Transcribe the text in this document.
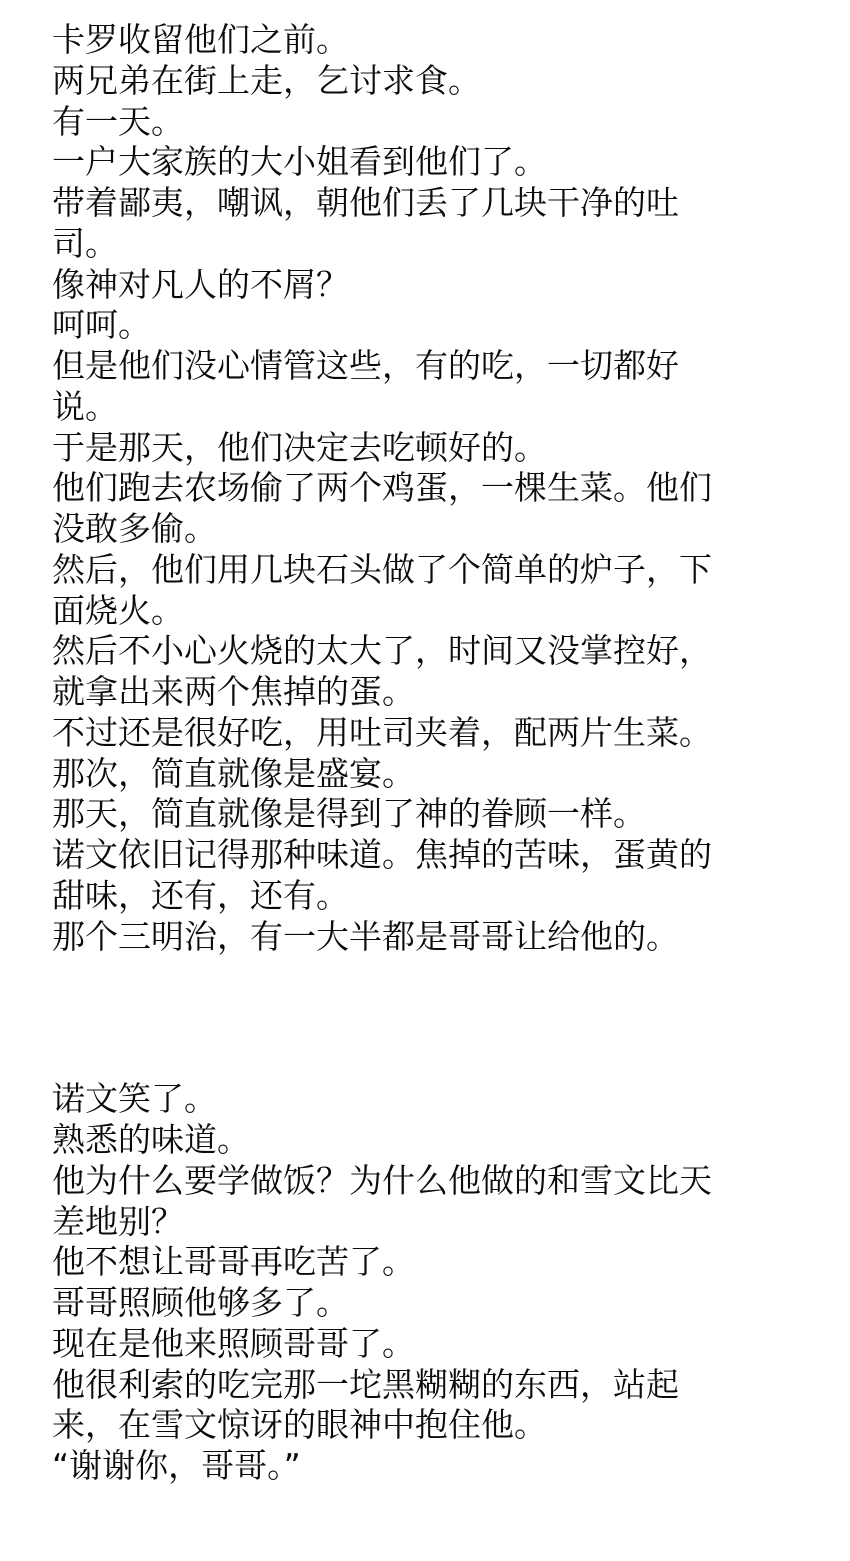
卡罗收留他们之前。
两兄弟在街上走，乞讨求食。
有一天。
一户大家族的大小姐看到他们了。
带着鄙夷，嘲讽，朝他们丢了几块干净的吐
司。
像神对凡人的不屑？
呵呵。
但是他们没心情管这些，有的吃，一切都好
说。
于是那天，他们决定去吃顿好的。
他们跑去农场偷了两个鸡蛋，一棵生菜。他们
没敢多偷。
然后，他们用几块石头做了个简单的炉子，下
面烧火。
然后不小心火烧的太大了，时间又没掌控好，
就拿出来两个焦掉的蛋。
不过还是很好吃，用吐司夹着，配两片生菜。
那次，简直就像是盛宴。
那天，简直就像是得到了神的眷顾一样。
诺文依旧记得那种味道。焦掉的苦味，蛋黄的
甜味，还有，还有。
那个三明治，有一大半都是哥哥让给他的。
诺文笑了。
熟悉的味道。
他为什么要学做饭？为什么他做的和雪文比天
差地别？
他不想让哥哥再吃苦了。
哥哥照顾他够多了。
现在是他来照顾哥哥了。
他很利索的吃完那一坨黑糊糊的东西，站起
来，在雪文惊讶的眼神中抱住他。
“谢谢你，哥哥。”
